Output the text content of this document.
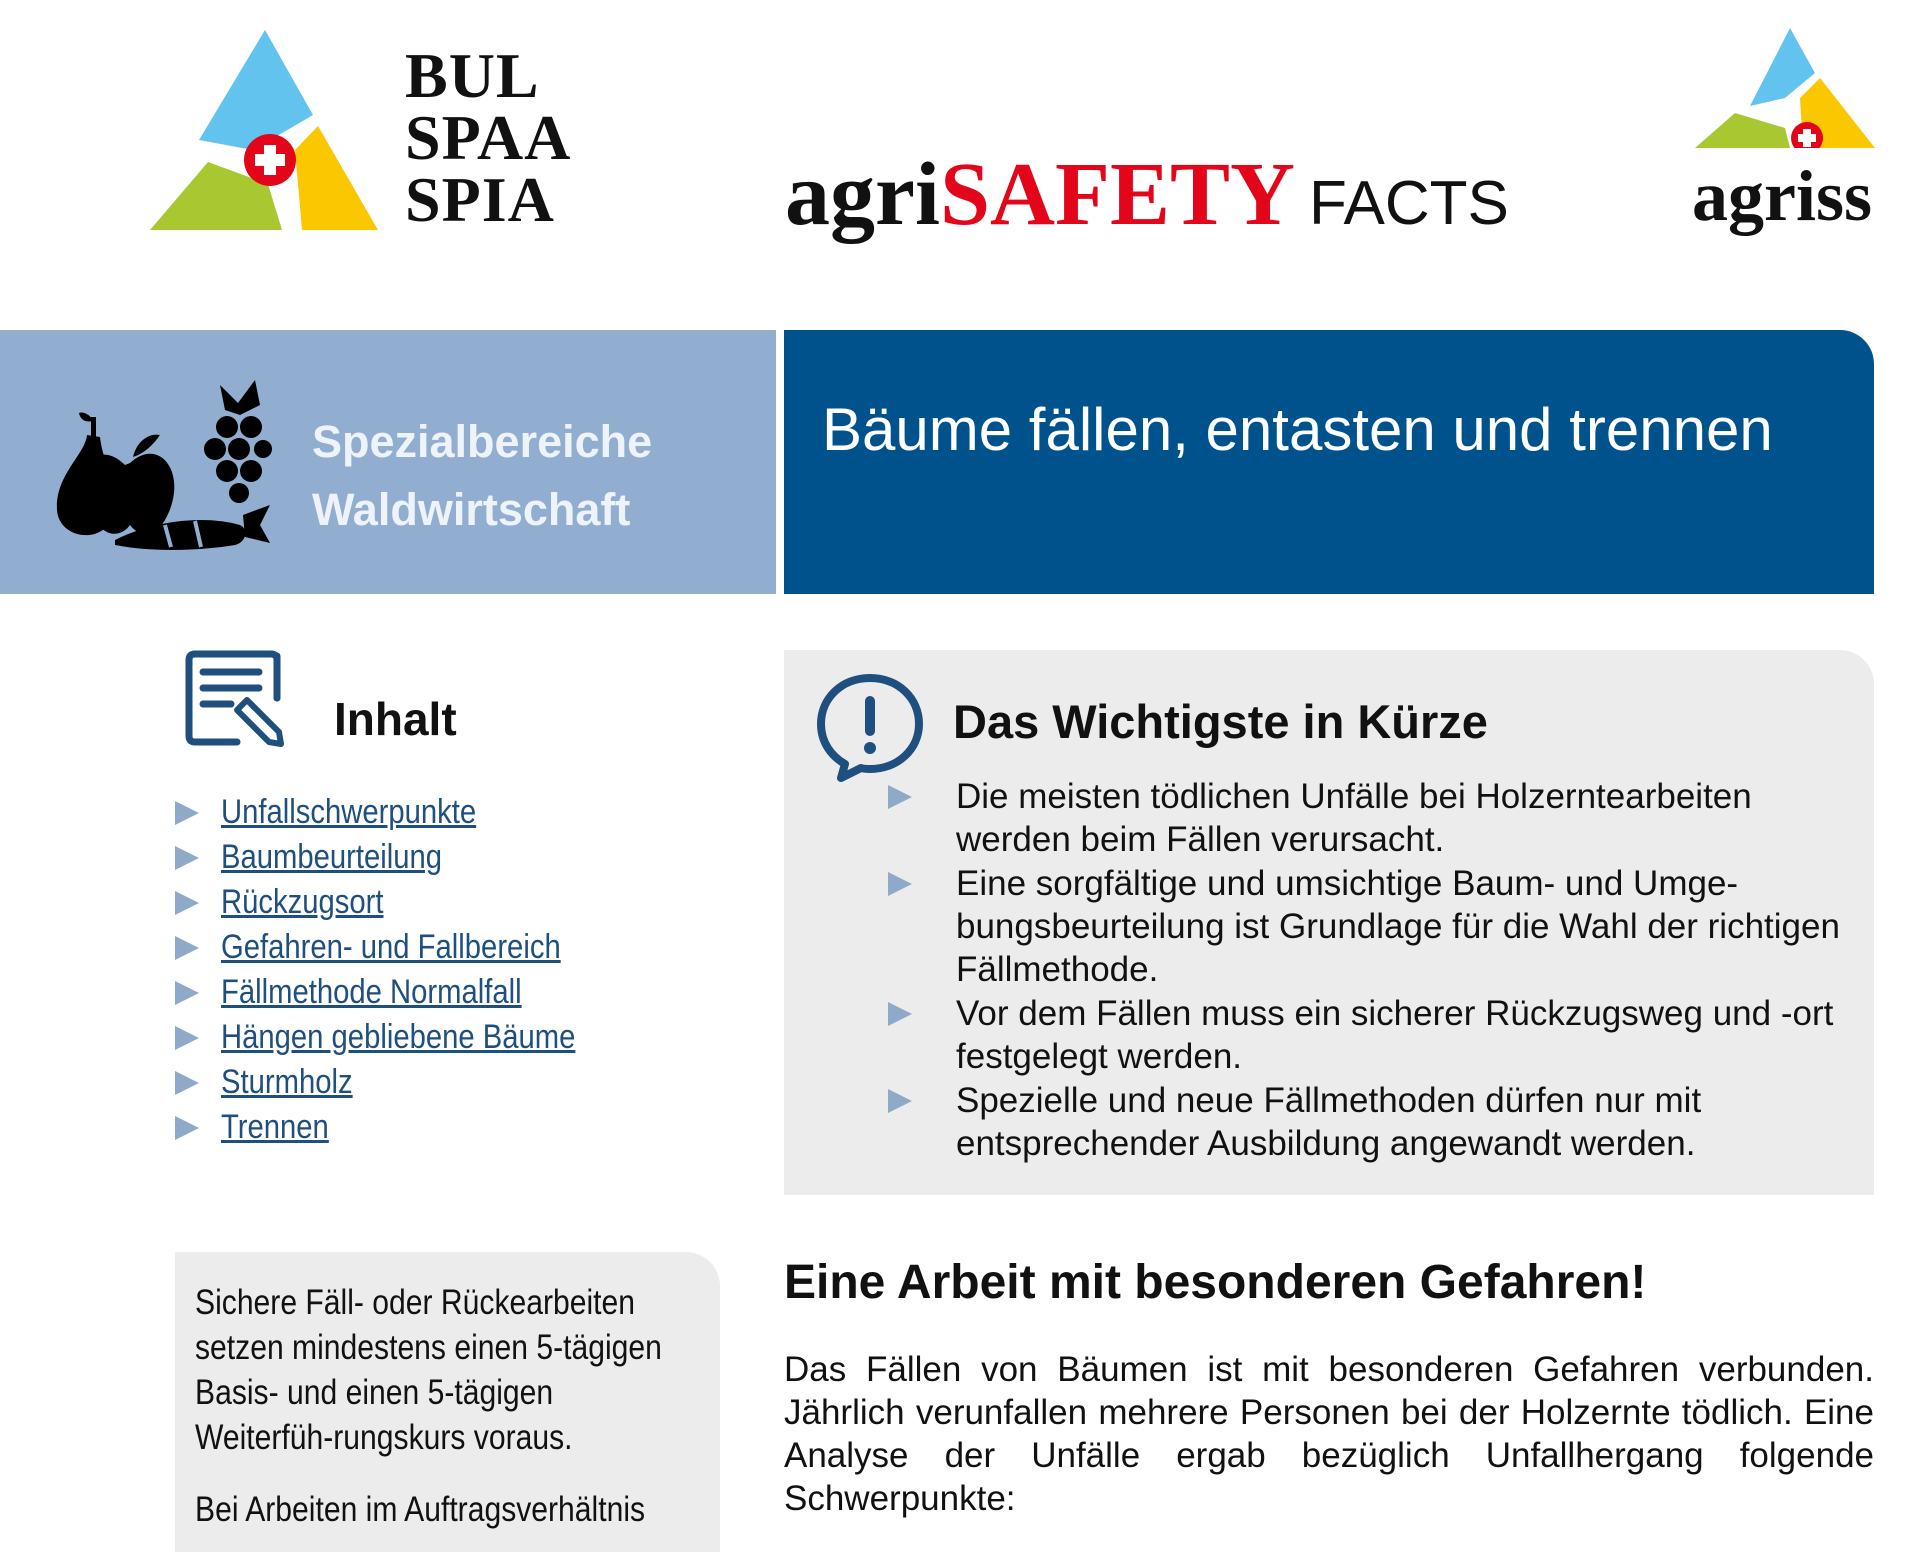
BUL
SPAA
SPIA	agriSAFETY FACTS	agriss
Spezialbereiche
Waldwirtschaft
Bäume fällen, entasten und trennen
Inhalt
Unfallschwerpunkte
Baumbeurteilung
Rückzugsort
Gefahren- und Fallbereich
Fällmethode Normalfall
Hängen gebliebene Bäume
Sturmholz
Trennen
Das Wichtigste in Kürze
Die meisten tödlichen Unfälle bei Holzerntearbeiten werden beim Fällen verursacht.
Eine sorgfältige und umsichtige Baum- und Umge-bungsbeurteilung ist Grundlage für die Wahl der richtigen Fällmethode.
Vor dem Fällen muss ein sicherer Rückzugsweg und -ort festgelegt werden.
Spezielle und neue Fällmethoden dürfen nur mit entsprechender Ausbildung angewandt werden.
Sichere Fäll- oder Rückearbeiten setzen mindestens einen 5-tägigen Basis- und einen 5-tägigen Weiterfüh-rungskurs voraus.
Bei Arbeiten im Auftragsverhältnis
Eine Arbeit mit besonderen Gefahren!
Das Fällen von Bäumen ist mit besonderen Gefahren verbunden. Jährlich verunfallen mehrere Personen bei der Holzernte tödlich. Eine Analyse der Unfälle ergab bezüglich Unfallhergang folgende Schwerpunkte:
